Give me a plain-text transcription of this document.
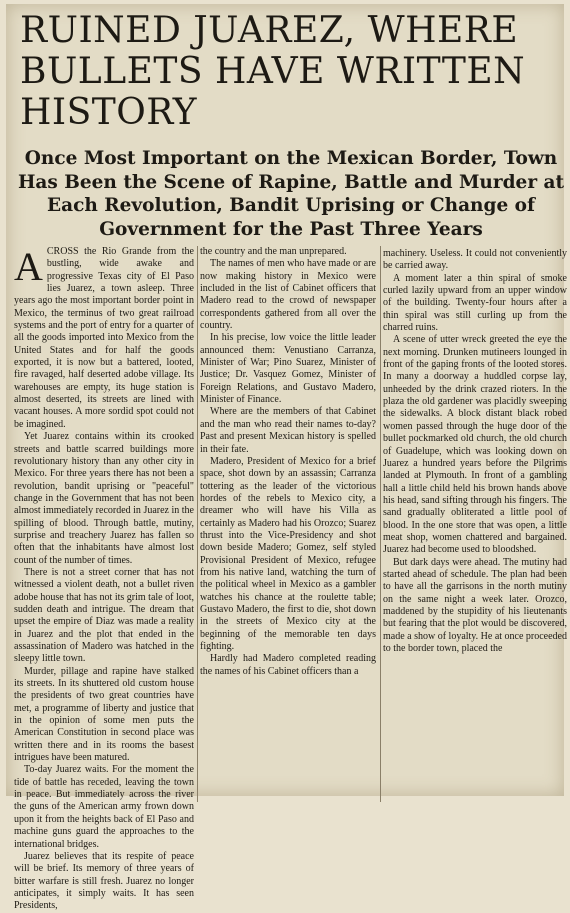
RUINED JUAREZ, WHERE BULLETS HAVE WRITTEN HISTORY
Once Most Important on the Mexican Border, Town Has Been the Scene of Rapine, Battle and Murder at Each Revolution, Bandit Uprising or Change of Government for the Past Three Years
A CROSS the Rio Grande from the bustling, wide awake and progressive Texas city of El Paso lies Juarez, a town asleep. Three years ago the most important border point in Mexico, the terminus of two great railroad systems and the port of entry for a quarter of all the goods imported into Mexico from the United States and for half the goods exported, it is now but a battered, looted, fire ravaged, half deserted adobe village. Its warehouses are empty, its huge station is almost deserted, its streets are lined with vacant houses. A more sordid spot could not be imagined.

Yet Juarez contains within its crooked streets and battle scarred buildings more revolutionary history than any other city in Mexico. For three years there has not been a revolution, bandit uprising or "peaceful" change in the Government that has not been almost immediately recorded in Juarez in the spilling of blood. Through battle, mutiny, surprise and treachery Juarez has fallen so often that the inhabitants have almost lost count of the number of times.

There is not a street corner that has not witnessed a violent death, not a bullet riven adobe house that has not its grim tale of loot, sudden death and intrigue. The dream that upset the empire of Diaz was made a reality in Juarez and the plot that ended in the assassination of Madero was hatched in the sleepy little town.

Murder, pillage and rapine have stalked its streets. In its shuttered old custom house the presidents of two great countries have met, a programme of liberty and justice that in the opinion of some men puts the American Constitution in second place was written there and in its rooms the basest intrigues have been matured.

To-day Juarez waits. For the moment the tide of battle has receded, leaving the town in peace. But immediately across the river the guns of the American army frown down upon it from the heights back of El Paso and machine guns guard the approaches to the international bridges.

Juarez believes that its respite of peace will be brief. Its memory of three years of bitter warfare is still fresh. Juarez no longer anticipates, it simply waits. It has seen Presidents,

the country and the man unprepared.

The names of men who have made or are now making history in Mexico were included in the list of Cabinet officers that Madero read to the crowd of newspaper correspondents gathered from all over the country.

In his precise, low voice the little leader announced them: Venustiano Carranza, Minister of War; Pino Suarez, Minister of Justice; Dr. Vasquez Gomez, Minister of Foreign Relations, and Gustavo Madero, Minister of Finance.

Where are the members of that Cabinet and the man who read their names to-day? Past and present Mexican history is spelled in their fate.

Madero, President of Mexico for a brief space, shot down by an assassin; Carranza tottering as the leader of the victorious hordes of the rebels to Mexico city, a dreamer who will have his Villa as certainly as Madero had his Orozco; Suarez thrust into the Vice-Presidency and shot down beside Madero; Gomez, self styled Provisional President of Mexico, refugee from his native land, watching the turn of the political wheel in Mexico as a gambler watches his chance at the roulette table; Gustavo Madero, the first to die, shot down in the streets of Mexico city at the beginning of the memorable ten days fighting.

Hardly had Madero completed reading the names of his Cabinet officers than a

machinery. Useless. It could not conveniently be carried away.

A moment later a thin spiral of smoke curled lazily upward from an upper window of the building. Twenty-four hours after a thin spiral was still curling up from the charred ruins.

A scene of utter wreck greeted the eye the next morning. Drunken mutineers lounged in front of the gaping fronts of the looted stores. In many a doorway a huddled corpse lay, unheeded by the drink crazed rioters. In the plaza the old gardener was placidly sweeping the sidewalks. A block distant black robed women passed through the huge door of the bullet pockmarked old church, the old church of Guadelupe, which was looking down on Juarez a hundred years before the Pilgrims landed at Plymouth. In front of a gambling hall a little child held his brown hands above his head, sand sifting through his fingers. The sand gradually obliterated a little pool of blood. In the one store that was open, a little meat shop, women chattered and bargained. Juarez had become used to bloodshed.

But dark days were ahead. The mutiny had started ahead of schedule. The plan had been to have all the garrisons in the north mutiny on the same night a week later. Orozco, maddened by the stupidity of his lieutenants but fearing that the plot would be discovered, made a show of loyalty. He at once proceeded to the border town, placed the
